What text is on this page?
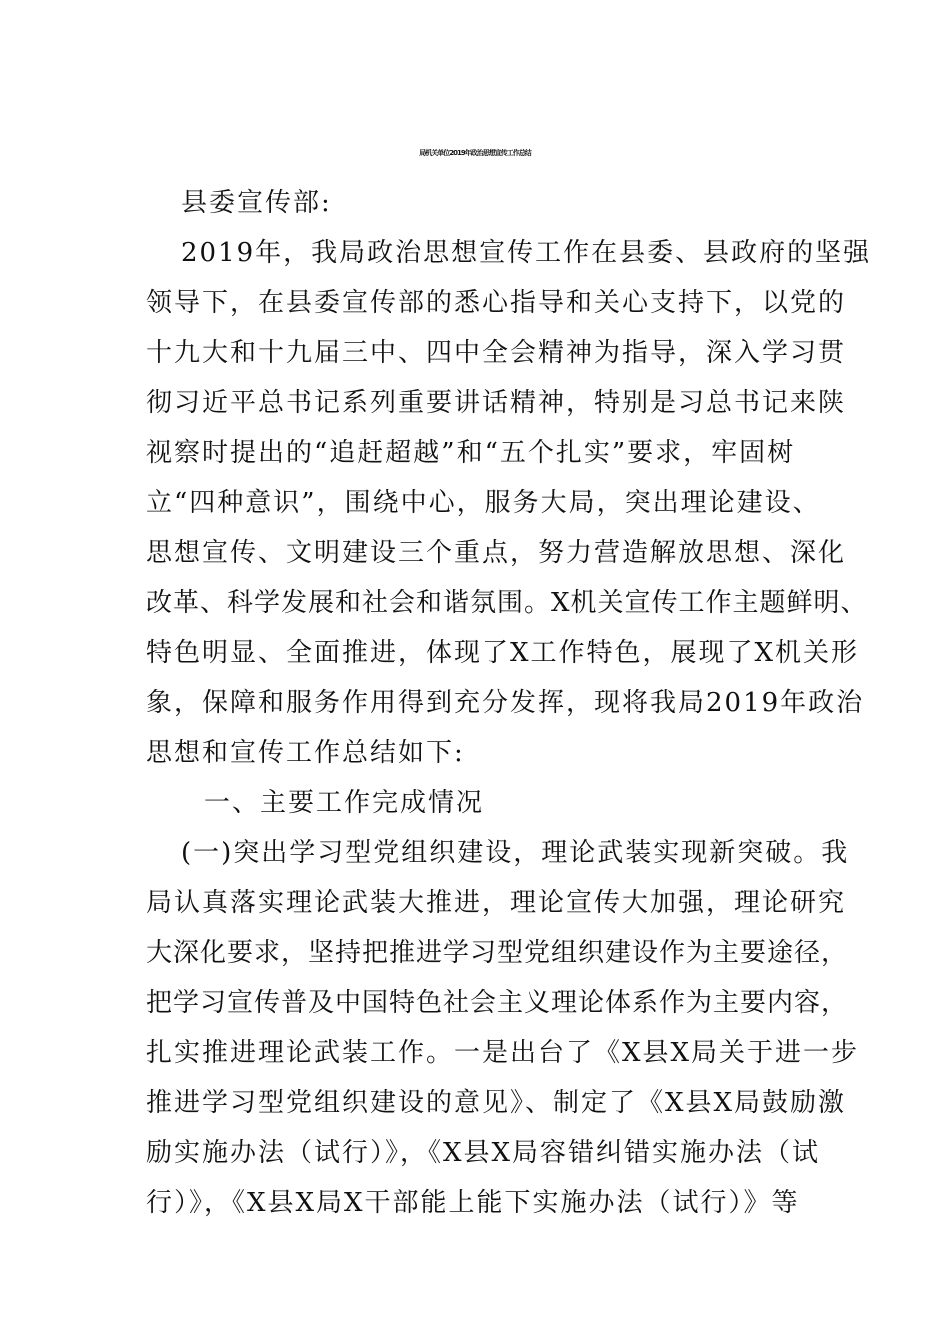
局机关单位2019年政治思想宣传工作总结
县委宣传部:
2019年，我局政治思想宣传工作在县委、县政府的坚强
领导下，在县委宣传部的悉心指导和关心支持下，以党的
十九大和十九届三中、四中全会精神为指导，深入学习贯
彻习近平总书记系列重要讲话精神，特别是习总书记来陕
视察时提出的“追赶超越”和“五个扎实”要求，牢固树
立“四种意识”，围绕中心，服务大局，突出理论建设、
思想宣传、文明建设三个重点，努力营造解放思想、深化
改革、科学发展和社会和谐氛围。X机关宣传工作主题鲜明、
特色明显、全面推进，体现了X工作特色，展现了X机关形
象，保障和服务作用得到充分发挥，现将我局2019年政治
思想和宣传工作总结如下:
一、主要工作完成情况
(一)突出学习型党组织建设，理论武装实现新突破。我
局认真落实理论武装大推进，理论宣传大加强，理论研究
大深化要求，坚持把推进学习型党组织建设作为主要途径，
把学习宣传普及中国特色社会主义理论体系作为主要内容，
扎实推进理论武装工作。一是出台了《X县X局关于进一步
推进学习型党组织建设的意见》、制定了《X县X局鼓励激
励实施办法（试行）》，《X县X局容错纠错实施办法（试
行）》，《X县X局X干部能上能下实施办法（试行）》等
